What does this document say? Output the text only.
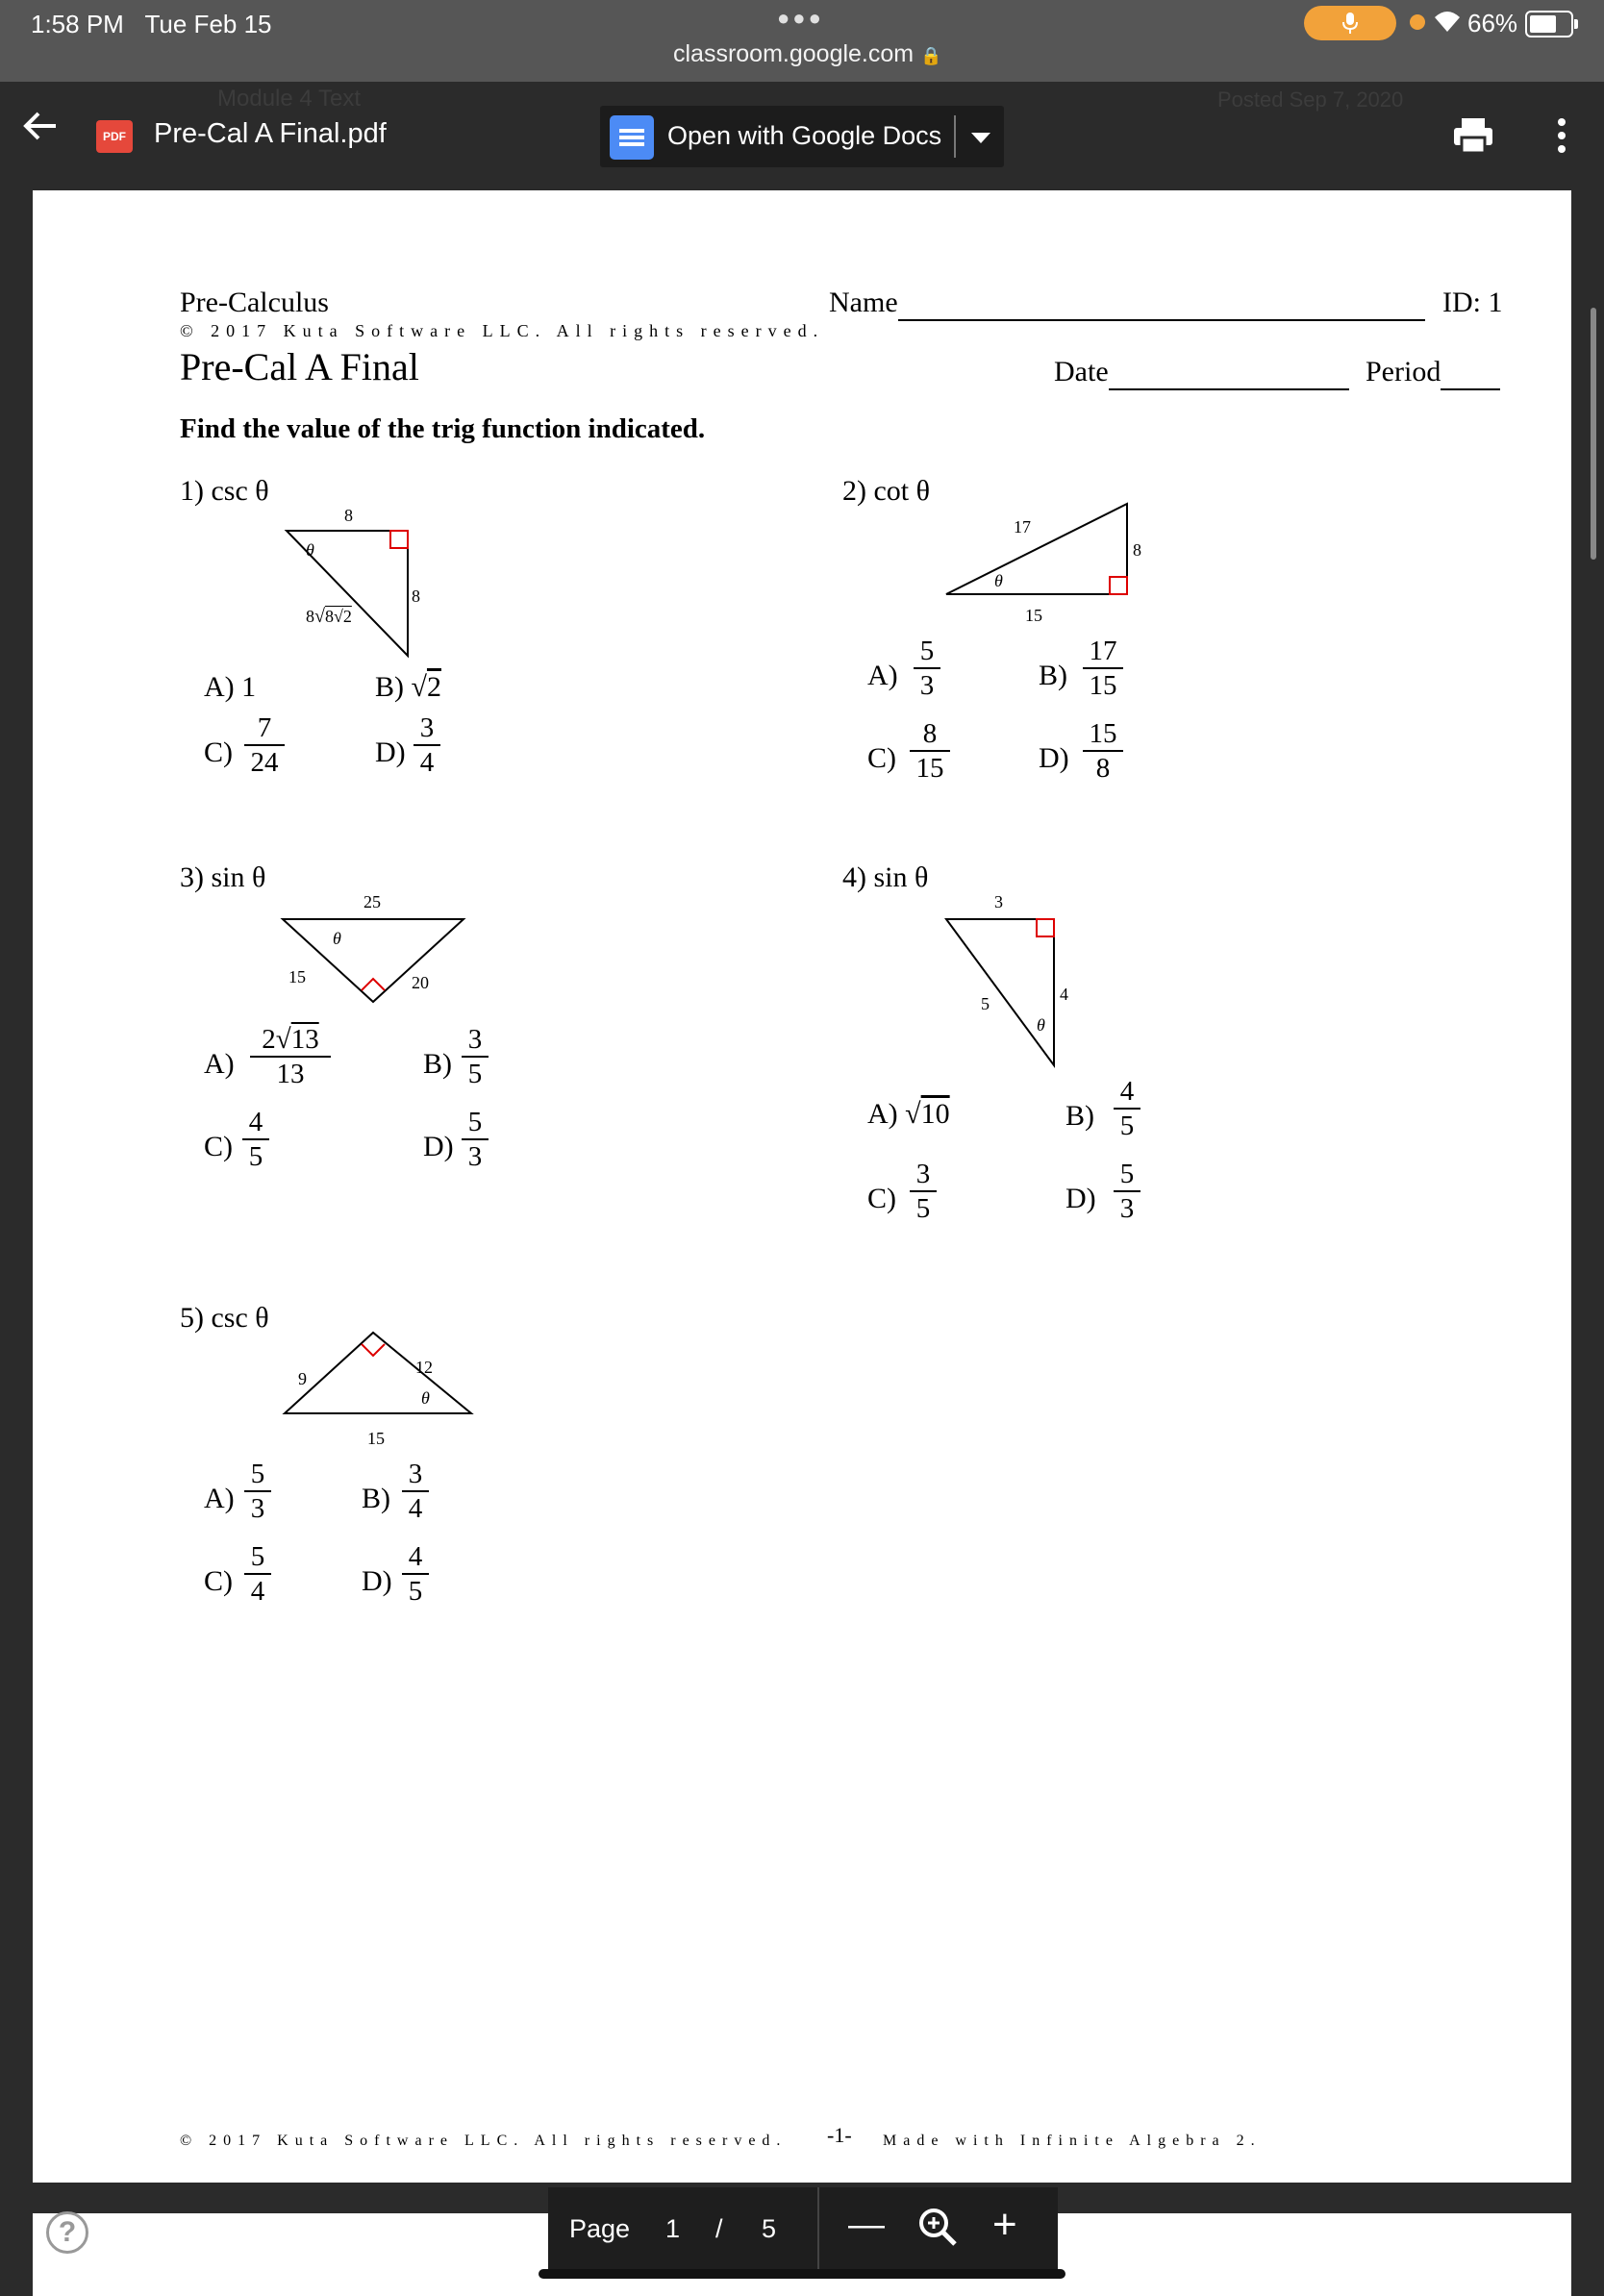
1:58 PM Tue Feb 15	●●●
classroom.google.com 🔒
66%
Module 4 Text	Posted Sep 7, 2020
PDF Pre-Cal A Final.pdf	Open with Google Docs
Pre-Calculus
© 2017 Kuta Software LLC. All rights reserved.
Pre-Cal A Final
Name	ID: 1
Date	Period
Find the value of the trig function indicated.
1) csc θ
8
8
θ
8√8√2
A) 1	B) √2
C)
7
24	D)
3
4
2) cot θ
17
8
15
θ
A)
5
3	B)
17
15
C)
8
15	D)
15
8
3) sin θ
25
15	20
θ
A)
2√13
13	B)
3
5
C)
4
5	D)
5
3
4) sin θ
3
4
5
θ
A) √10	B)
4
5
C)
3
5	D)
5
3
5) csc θ
9
12
15
θ
A)
5
3	B)
3
4
C)
5
4	D)
4
5
© 2017 Kuta Software LLC. All rights reserved. -1- Made with Infinite Algebra 2.
?	Page 1 / 5 —	+
